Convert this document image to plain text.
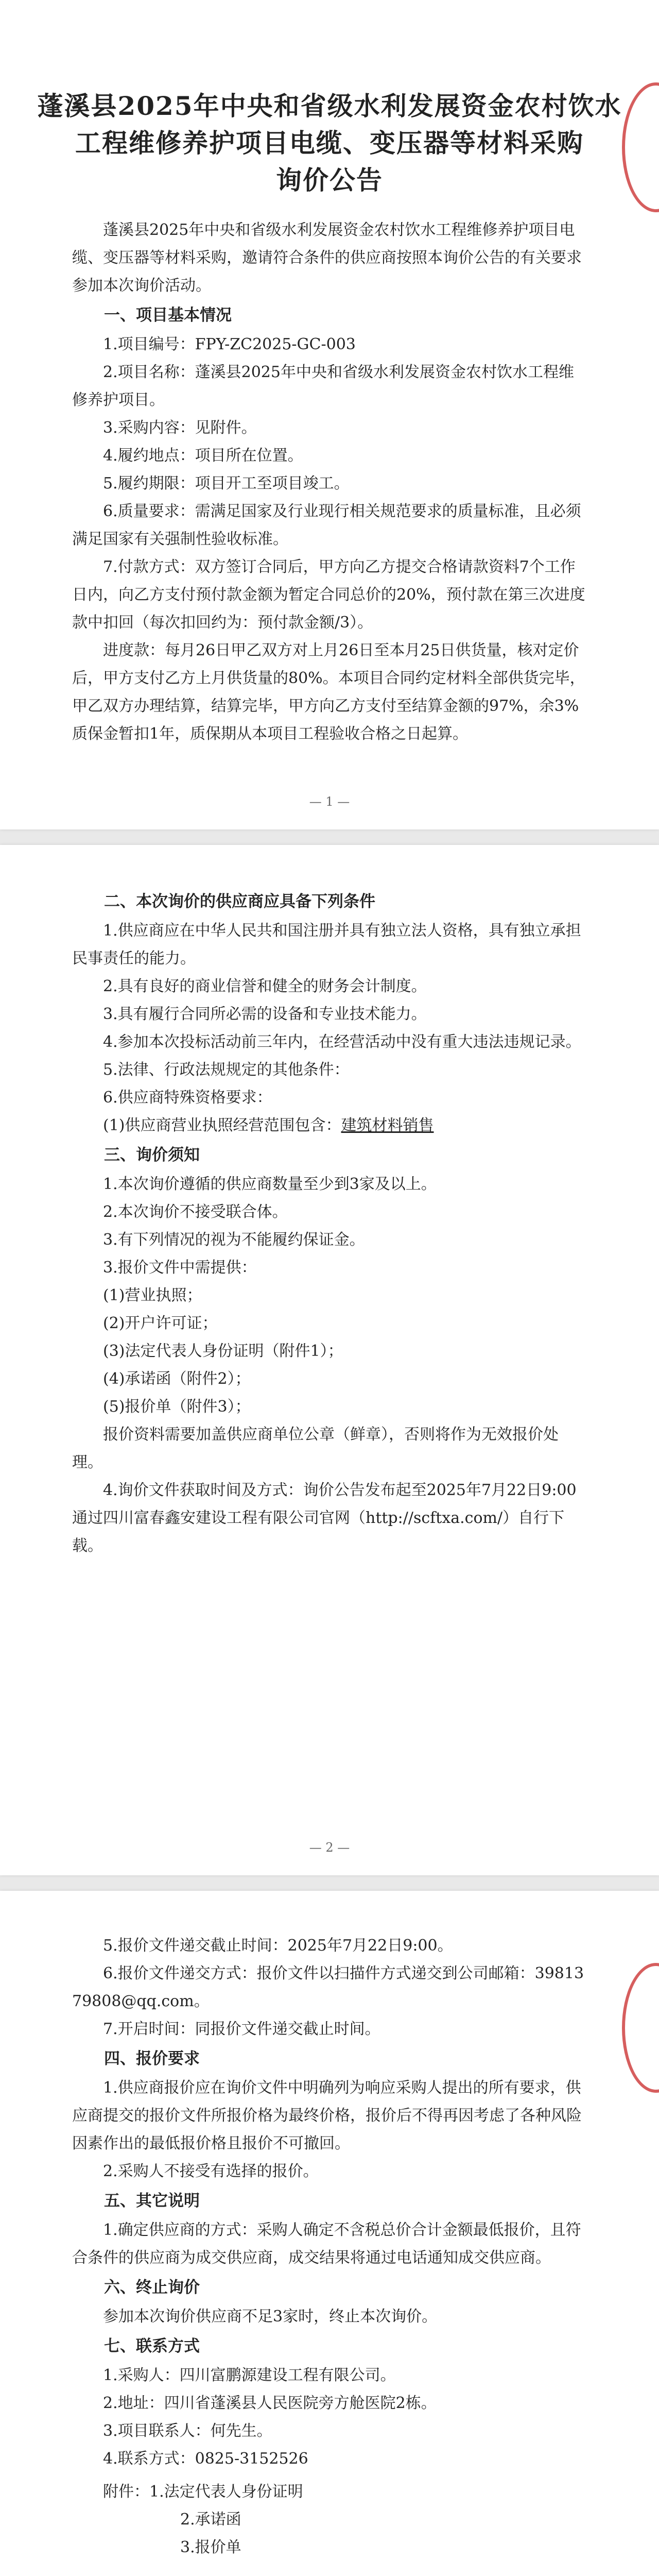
蓬溪县2025年中央和省级水利发展资金农村饮水
工程维修养护项目电缆、变压器等材料采购
询价公告

蓬溪县2025年中央和省级水利发展资金农村饮水工程维修养护项目电缆、变压器等材料采购，邀请符合条件的供应商按照本询价公告的有关要求参加本次询价活动。

一、项目基本情况

1.项目编号：FPY-ZC2025-GC-003

2.项目名称：蓬溪县2025年中央和省级水利发展资金农村饮水工程维修养护项目。

3.采购内容：见附件。

4.履约地点：项目所在位置。

5.履约期限：项目开工至项目竣工。

6.质量要求：需满足国家及行业现行相关规范要求的质量标准，且必须满足国家有关强制性验收标准。

7.付款方式：双方签订合同后，甲方向乙方提交合格请款资料7个工作日内，向乙方支付预付款金额为暂定合同总价的20%，预付款在第三次进度款中扣回（每次扣回约为：预付款金额/3）。

进度款：每月26日甲乙双方对上月26日至本月25日供货量，核对定价后，甲方支付乙方上月供货量的80%。本项目合同约定材料全部供货完毕，甲乙双方办理结算，结算完毕，甲方向乙方支付至结算金额的97%，余3%质保金暂扣1年，质保期从本项目工程验收合格之日起算。

— 1 —

二、本次询价的供应商应具备下列条件

1.供应商应在中华人民共和国注册并具有独立法人资格，具有独立承担民事责任的能力。

2.具有良好的商业信誉和健全的财务会计制度。

3.具有履行合同所必需的设备和专业技术能力。

4.参加本次投标活动前三年内，在经营活动中没有重大违法违规记录。

5.法律、行政法规规定的其他条件：

6.供应商特殊资格要求：

(1)供应商营业执照经营范围包含：建筑材料销售

三、询价须知

1.本次询价遵循的供应商数量至少到3家及以上。

2.本次询价不接受联合体。

3.有下列情况的视为不能履约保证金。

3.报价文件中需提供：

(1)营业执照；

(2)开户许可证；

(3)法定代表人身份证明（附件1）；

(4)承诺函（附件2）；

(5)报价单（附件3）；

报价资料需要加盖供应商单位公章（鲜章），否则将作为无效报价处理。

4.询价文件获取时间及方式：询价公告发布起至2025年7月22日9:00通过四川富春鑫安建设工程有限公司官网（http://scftxa.com/）自行下载。

— 2 —

5.报价文件递交截止时间：2025年7月22日9:00。

6.报价文件递交方式：报价文件以扫描件方式递交到公司邮箱：3981379808@qq.com。

7.开启时间：同报价文件递交截止时间。

四、报价要求

1.供应商报价应在询价文件中明确列为响应采购人提出的所有要求，供应商提交的报价文件所报价格为最终价格，报价后不得再因考虑了各种风险因素作出的最低报价格且报价不可撤回。

2.采购人不接受有选择的报价。

五、其它说明

1.确定供应商的方式：采购人确定不含税总价合计金额最低报价，且符合条件的供应商为成交供应商，成交结果将通过电话通知成交供应商。

六、终止询价

参加本次询价供应商不足3家时，终止本次询价。

七、联系方式

1.采购人：四川富鹏源建设工程有限公司。

2.地址：四川省蓬溪县人民医院旁方舱医院2栋。

3.项目联系人：何先生。

4.联系方式：0825-3152526

附件：1.法定代表人身份证明

2.承诺函

3.报价单
